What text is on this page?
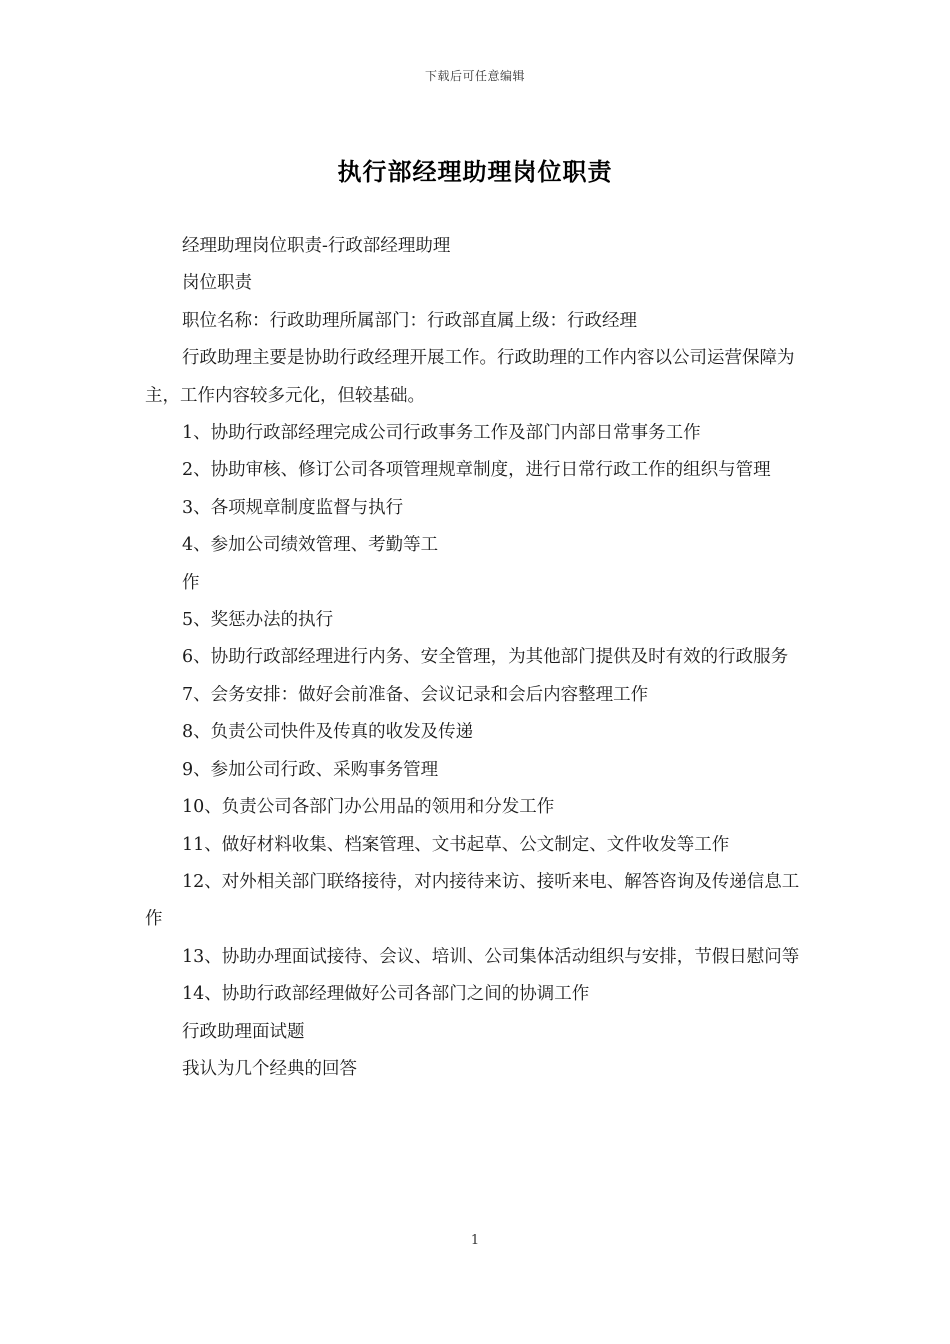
下载后可任意编辑
执行部经理助理岗位职责

经理助理岗位职责-行政部经理助理

岗位职责

职位名称：行政助理所属部门：行政部直属上级：行政经理

行政助理主要是协助行政经理开展工作。行政助理的工作内容以公司运营保障为主，工作内容较多元化，但较基础。

1、协助行政部经理完成公司行政事务工作及部门内部日常事务工作

2、协助审核、修订公司各项管理规章制度，进行日常行政工作的组织与管理

3、各项规章制度监督与执行

4、参加公司绩效管理、考勤等工

作

5、奖惩办法的执行

6、协助行政部经理进行内务、安全管理，为其他部门提供及时有效的行政服务

7、会务安排：做好会前准备、会议记录和会后内容整理工作

8、负责公司快件及传真的收发及传递

9、参加公司行政、采购事务管理

10、负责公司各部门办公用品的领用和分发工作

11、做好材料收集、档案管理、文书起草、公文制定、文件收发等工作

12、对外相关部门联络接待，对内接待来访、接听来电、解答咨询及传递信息工作

13、协助办理面试接待、会议、培训、公司集体活动组织与安排，节假日慰问等

14、协助行政部经理做好公司各部门之间的协调工作

行政助理面试题

我认为几个经典的回答

1
